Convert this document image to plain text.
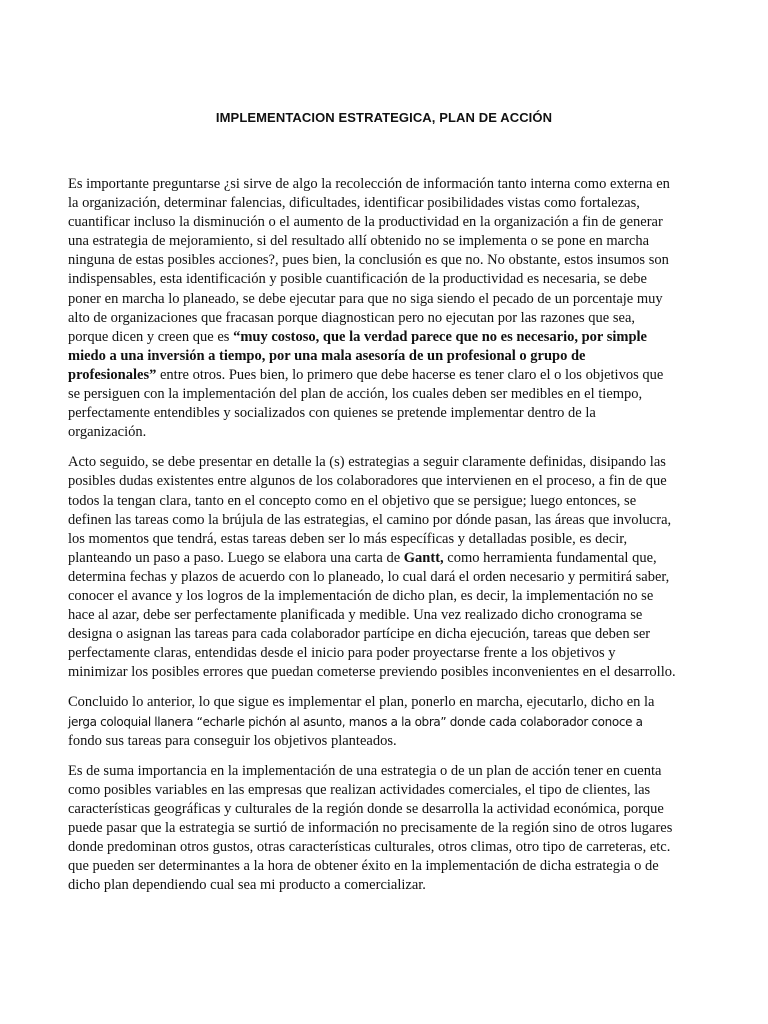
IMPLEMENTACION ESTRATEGICA, PLAN DE ACCIÓN

Es importante preguntarse ¿si sirve de algo la recolección de información tanto interna como externa en
la organización, determinar falencias, dificultades, identificar posibilidades vistas como fortalezas,
cuantificar incluso la disminución o el aumento de la productividad en la organización a fin de generar
una estrategia de mejoramiento, si del resultado allí obtenido no se implementa o se pone en marcha
ninguna de estas posibles acciones?, pues bien, la conclusión es que no. No obstante, estos insumos son
indispensables, esta identificación y posible cuantificación de la productividad es necesaria, se debe
poner en marcha lo planeado, se debe ejecutar para que no siga siendo el pecado de un porcentaje muy
alto de organizaciones que fracasan porque diagnostican pero no ejecutan por las razones que sea,
porque dicen y creen que es “muy costoso, que la verdad parece que no es necesario, por simple
miedo a una inversión a tiempo, por una mala asesoría de un profesional o grupo de
profesionales” entre otros. Pues bien, lo primero que debe hacerse es tener claro el o los objetivos que
se persiguen con la implementación del plan de acción, los cuales deben ser medibles en el tiempo,
perfectamente entendibles y socializados con quienes se pretende implementar dentro de la
organización.

Acto seguido, se debe presentar en detalle la (s) estrategias a seguir claramente definidas, disipando las
posibles dudas existentes entre algunos de los colaboradores que intervienen en el proceso, a fin de que
todos la tengan clara, tanto en el concepto como en el objetivo que se persigue; luego entonces, se
definen las tareas como la brújula de las estrategias, el camino por dónde pasan, las áreas que involucra,
los momentos que tendrá, estas tareas deben ser lo más específicas y detalladas posible, es decir,
planteando un paso a paso. Luego se elabora una carta de Gantt, como herramienta fundamental que,
determina fechas y plazos de acuerdo con lo planeado, lo cual dará el orden necesario y permitirá saber,
conocer el avance y los logros de la implementación de dicho plan, es decir, la implementación no se
hace al azar, debe ser perfectamente planificada y medible. Una vez realizado dicho cronograma se
designa o asignan las tareas para cada colaborador partícipe en dicha ejecución, tareas que deben ser
perfectamente claras, entendidas desde el inicio para poder proyectarse frente a los objetivos y
minimizar los posibles errores que puedan cometerse previendo posibles inconvenientes en el desarrollo.

Concluido lo anterior, lo que sigue es implementar el plan, ponerlo en marcha, ejecutarlo, dicho en la
jerga coloquial llanera “echarle pichón al asunto, manos a la obra” donde cada colaborador conoce a
fondo sus tareas para conseguir los objetivos planteados.

Es de suma importancia en la implementación de una estrategia o de un plan de acción tener en cuenta
como posibles variables en las empresas que realizan actividades comerciales, el tipo de clientes, las
características geográficas y culturales de la región donde se desarrolla la actividad económica, porque
puede pasar que la estrategia se surtió de información no precisamente de la región sino de otros lugares
donde predominan otros gustos, otras características culturales, otros climas, otro tipo de carreteras, etc.
que pueden ser determinantes a la hora de obtener éxito en la implementación de dicha estrategia o de
dicho plan dependiendo cual sea mi producto a comercializar.
